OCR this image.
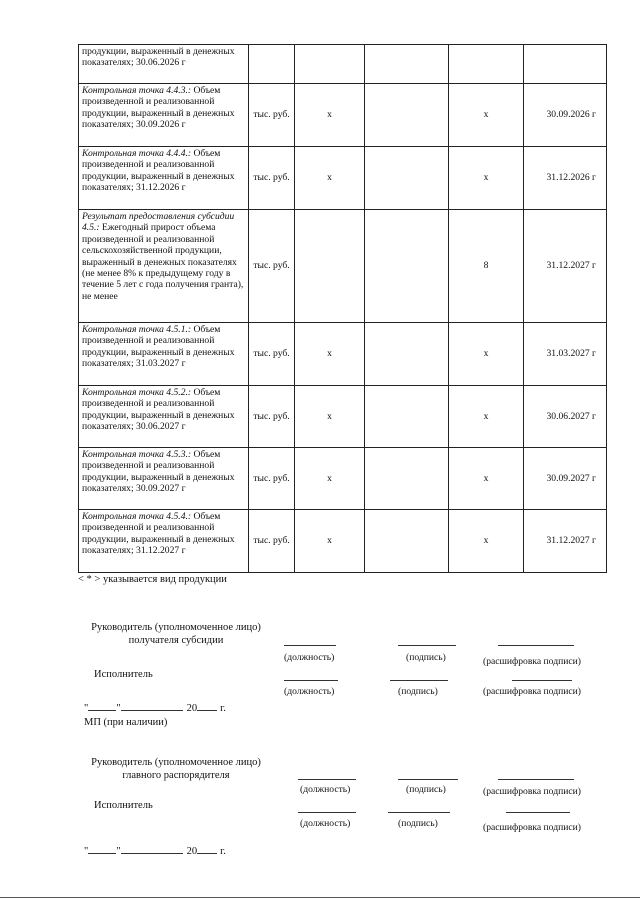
продукции, выраженный в денежных показателях; 30.06.2026 г					
Контрольная точка 4.4.3.: Объем произведенной и реализованной продукции, выраженный в денежных показателях; 30.09.2026 г	тыс. руб.	х		х	30.09.2026 г
Контрольная точка 4.4.4.: Объем произведенной и реализованной продукции, выраженный в денежных показателях; 31.12.2026 г	тыс. руб.	х		х	31.12.2026 г
Результат предоставления субсидии 4.5.: Ежегодный прирост объема произведенной и реализованной сельскохозяйственной продукции, выраженный в денежных показателях (не менее 8% к предыдущему году в течение 5 лет с года получения гранта), не менее	тыс. руб.			8	31.12.2027 г
Контрольная точка 4.5.1.: Объем произведенной и реализованной продукции, выраженный в денежных показателях; 31.03.2027 г	тыс. руб.	х		х	31.03.2027 г
Контрольная точка 4.5.2.: Объем произведенной и реализованной продукции, выраженный в денежных показателях; 30.06.2027 г	тыс. руб.	х		х	30.06.2027 г
Контрольная точка 4.5.3.: Объем произведенной и реализованной продукции, выраженный в денежных показателях; 30.09.2027 г	тыс. руб.	х		х	30.09.2027 г
Контрольная точка 4.5.4.: Объем произведенной и реализованной продукции, выраженный в денежных показателях; 31.12.2027 г	тыс. руб.	х		х	31.12.2027 г
< * > указывается вид продукции
Руководитель (уполномоченное лицо) получателя субсидии
(должность)	(подпись)	(расшифровка подписи)
Исполнитель
(должность)	(подпись)	(расшифровка подписи)
"	"	20 г.
МП (при наличии)
Руководитель (уполномоченное лицо) главного распорядителя
(должность)	(подпись)	(расшифровка подписи)
Исполнитель
(должность)	(подпись)	(расшифровка подписи)
"	"	20 г.
